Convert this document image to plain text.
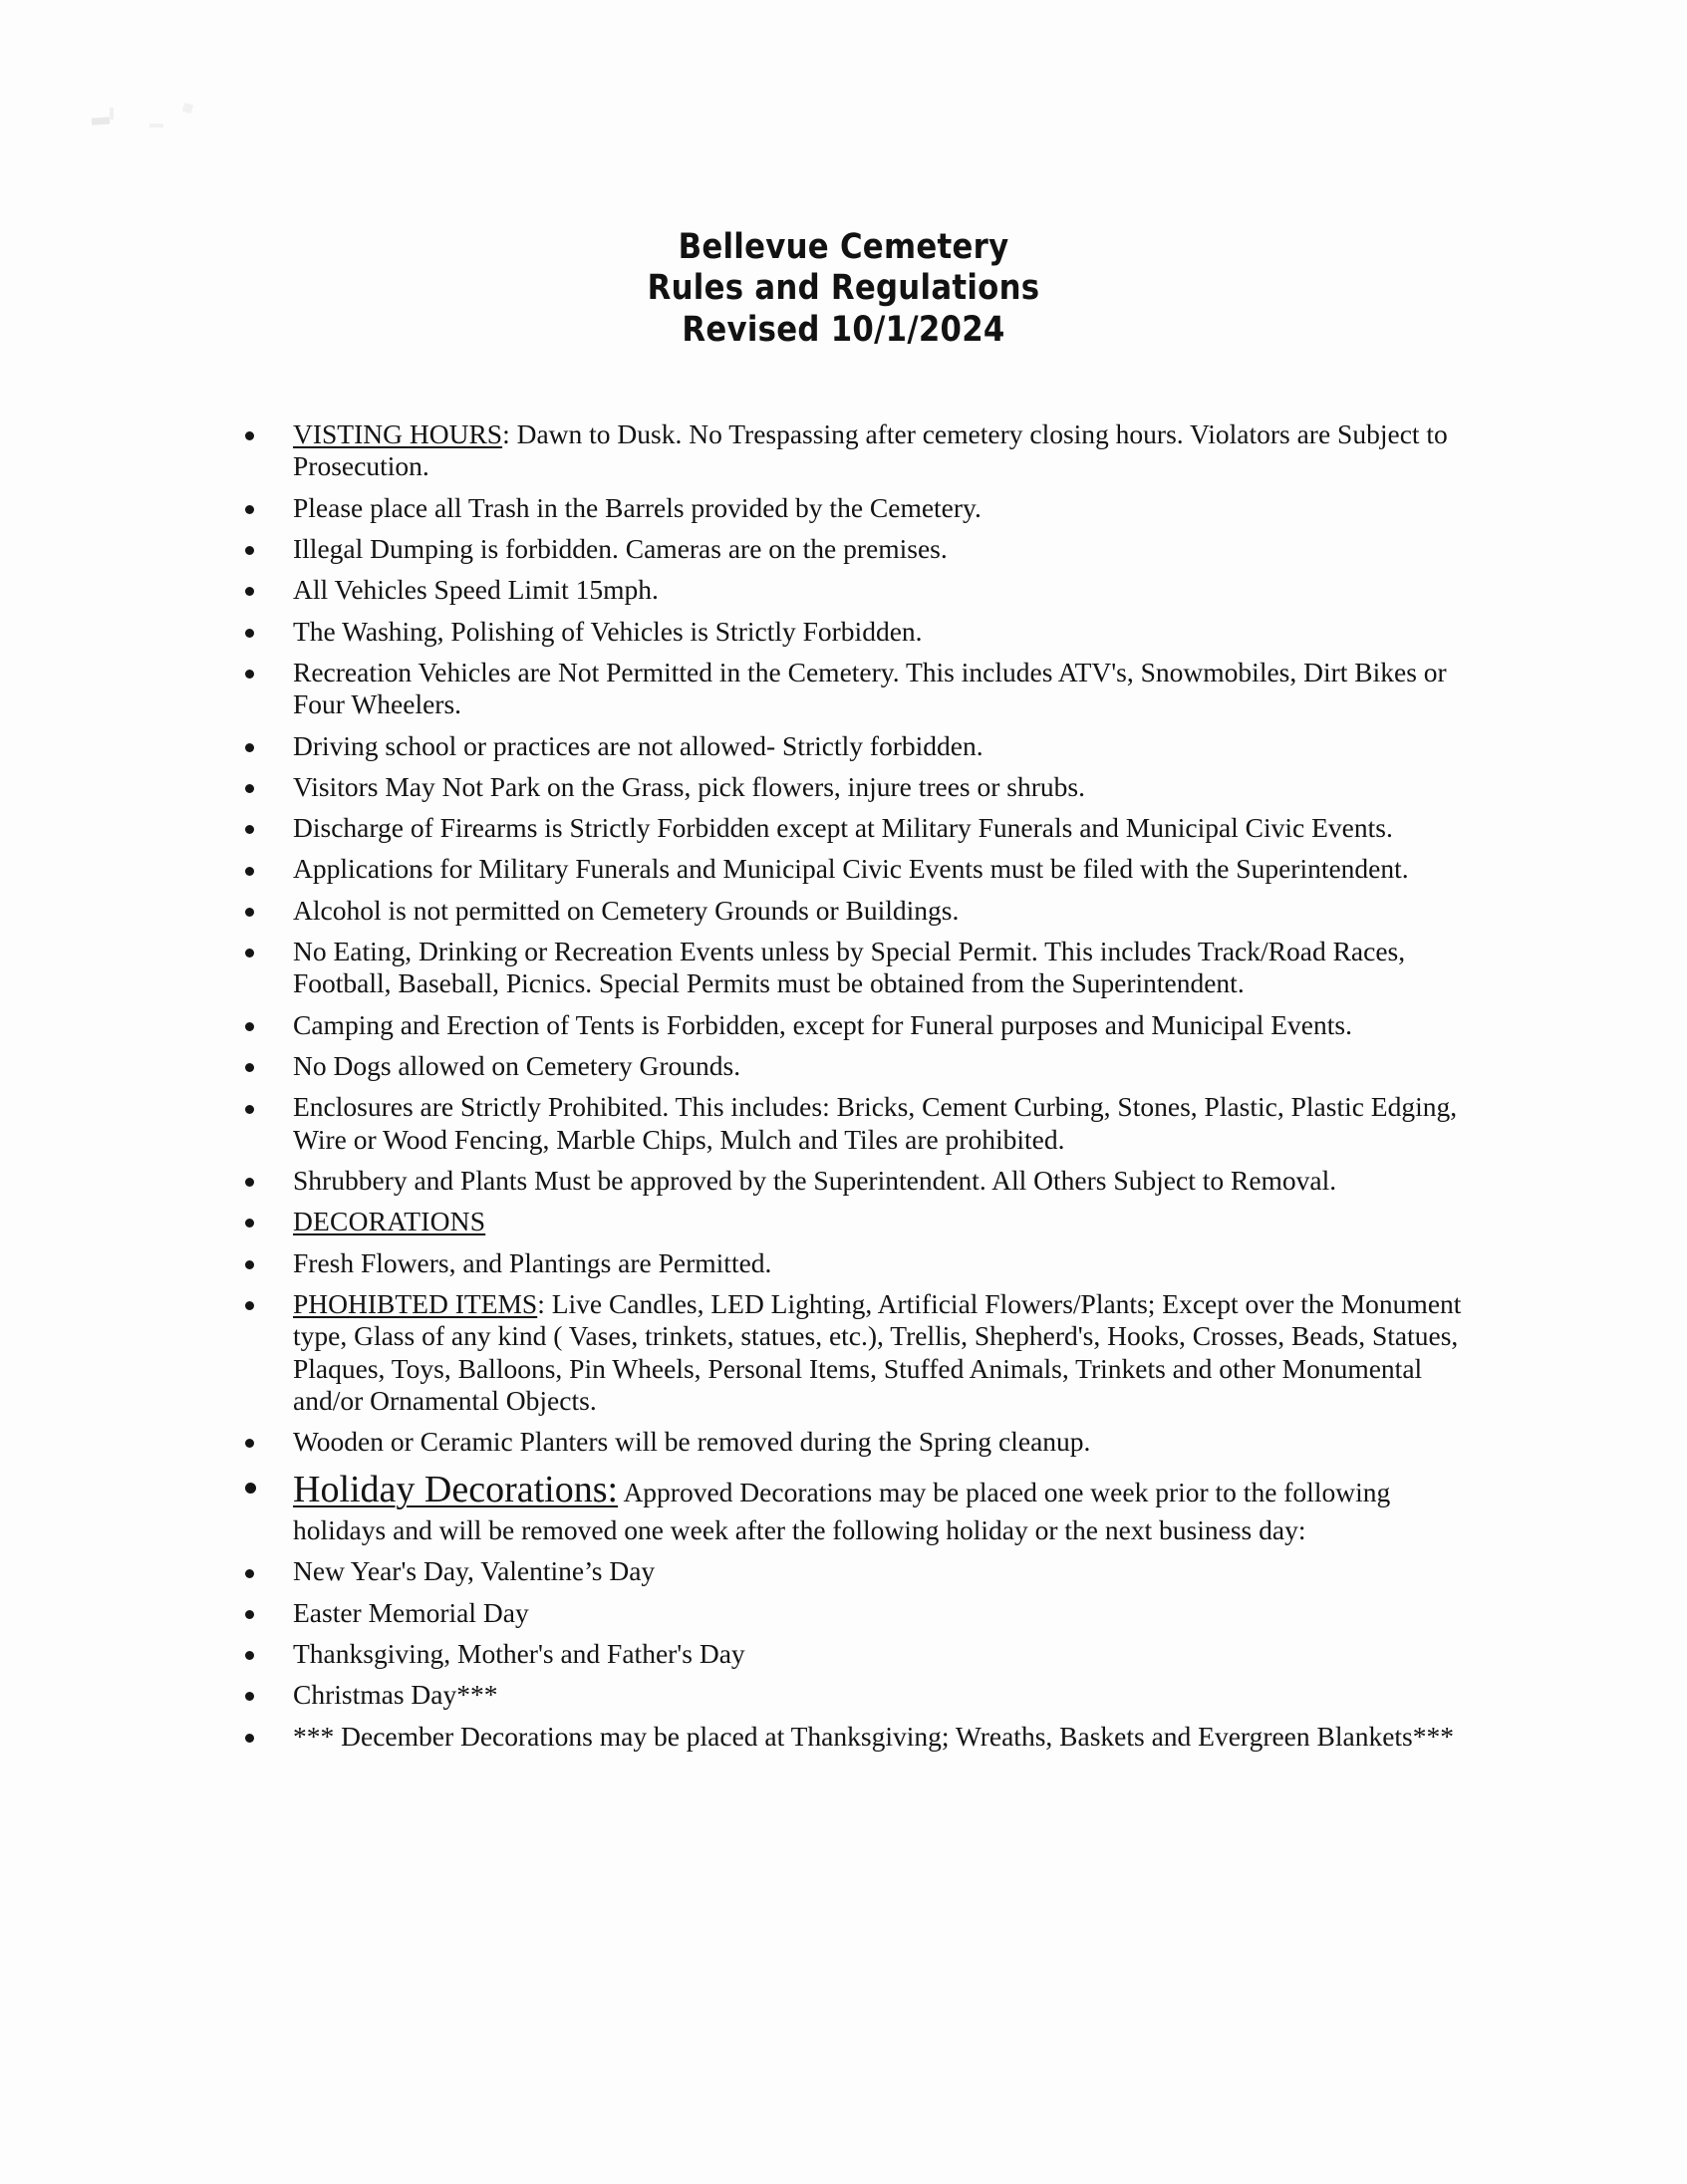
Bellevue Cemetery
Rules and Regulations
Revised 10/1/2024
VISTING HOURS: Dawn to Dusk. No Trespassing after cemetery closing hours. Violators are Subject to Prosecution.
Please place all Trash in the Barrels provided by the Cemetery.
Illegal Dumping is forbidden. Cameras are on the premises.
All Vehicles Speed Limit 15mph.
The Washing, Polishing of Vehicles is Strictly Forbidden.
Recreation Vehicles are Not Permitted in the Cemetery. This includes ATV's, Snowmobiles, Dirt Bikes or Four Wheelers.
Driving school or practices are not allowed- Strictly forbidden.
Visitors May Not Park on the Grass, pick flowers, injure trees or shrubs.
Discharge of Firearms is Strictly Forbidden except at Military Funerals and Municipal Civic Events.
Applications for Military Funerals and Municipal Civic Events must be filed with the Superintendent.
Alcohol is not permitted on Cemetery Grounds or Buildings.
No Eating, Drinking or Recreation Events unless by Special Permit. This includes Track/Road Races, Football, Baseball, Picnics. Special Permits must be obtained from the Superintendent.
Camping and Erection of Tents is Forbidden, except for Funeral purposes and Municipal Events.
No Dogs allowed on Cemetery Grounds.
Enclosures are Strictly Prohibited. This includes: Bricks, Cement Curbing, Stones, Plastic, Plastic Edging, Wire or Wood Fencing, Marble Chips, Mulch and Tiles are prohibited.
Shrubbery and Plants Must be approved by the Superintendent. All Others Subject to Removal.
DECORATIONS
Fresh Flowers, and Plantings are Permitted.
PHOHIBTED ITEMS: Live Candles, LED Lighting, Artificial Flowers/Plants; Except over the Monument type, Glass of any kind ( Vases, trinkets, statues, etc.), Trellis, Shepherd's, Hooks, Crosses, Beads, Statues, Plaques, Toys, Balloons, Pin Wheels, Personal Items, Stuffed Animals, Trinkets and other Monumental and/or Ornamental Objects.
Wooden or Ceramic Planters will be removed during the Spring cleanup.
Holiday Decorations: Approved Decorations may be placed one week prior to the following holidays and will be removed one week after the following holiday or the next business day:
New Year's Day, Valentine’s Day
Easter Memorial Day
Thanksgiving, Mother's and Father's Day
Christmas Day***
*** December Decorations may be placed at Thanksgiving; Wreaths, Baskets and Evergreen Blankets***
